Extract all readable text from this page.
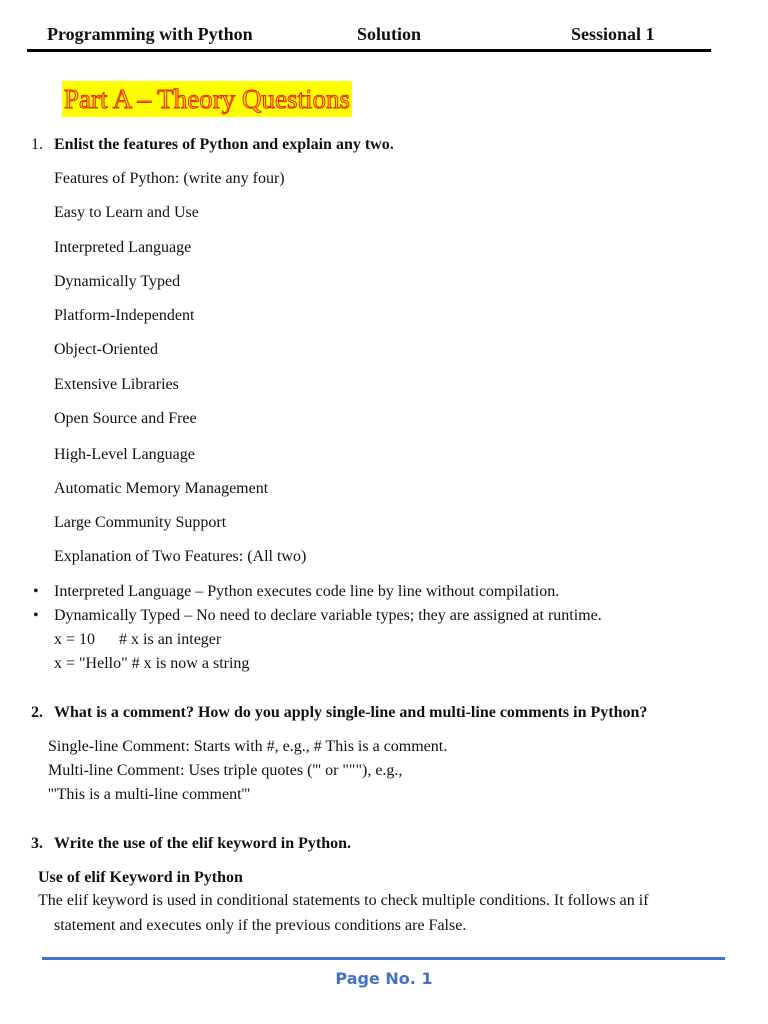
Programming with Python	Solution	Sessional 1
Part A – Theory Questions
1. Enlist the features of Python and explain any two.
Features of Python: (write any four)
Easy to Learn and Use
Interpreted Language
Dynamically Typed
Platform-Independent
Object-Oriented
Extensive Libraries
Open Source and Free
High-Level Language
Automatic Memory Management
Large Community Support
Explanation of Two Features: (All two)
• Interpreted Language – Python executes code line by line without compilation.
• Dynamically Typed – No need to declare variable types; they are assigned at runtime.
x = 10      # x is an integer
x = "Hello" # x is now a string
2. What is a comment? How do you apply single-line and multi-line comments in Python?
Single-line Comment: Starts with #, e.g., # This is a comment.
Multi-line Comment: Uses triple quotes (''' or """), e.g.,
'''This is a multi-line comment'''
3. Write the use of the elif keyword in Python.
Use of elif Keyword in Python
The elif keyword is used in conditional statements to check multiple conditions. It follows an if
statement and executes only if the previous conditions are False.
Page No. 1
